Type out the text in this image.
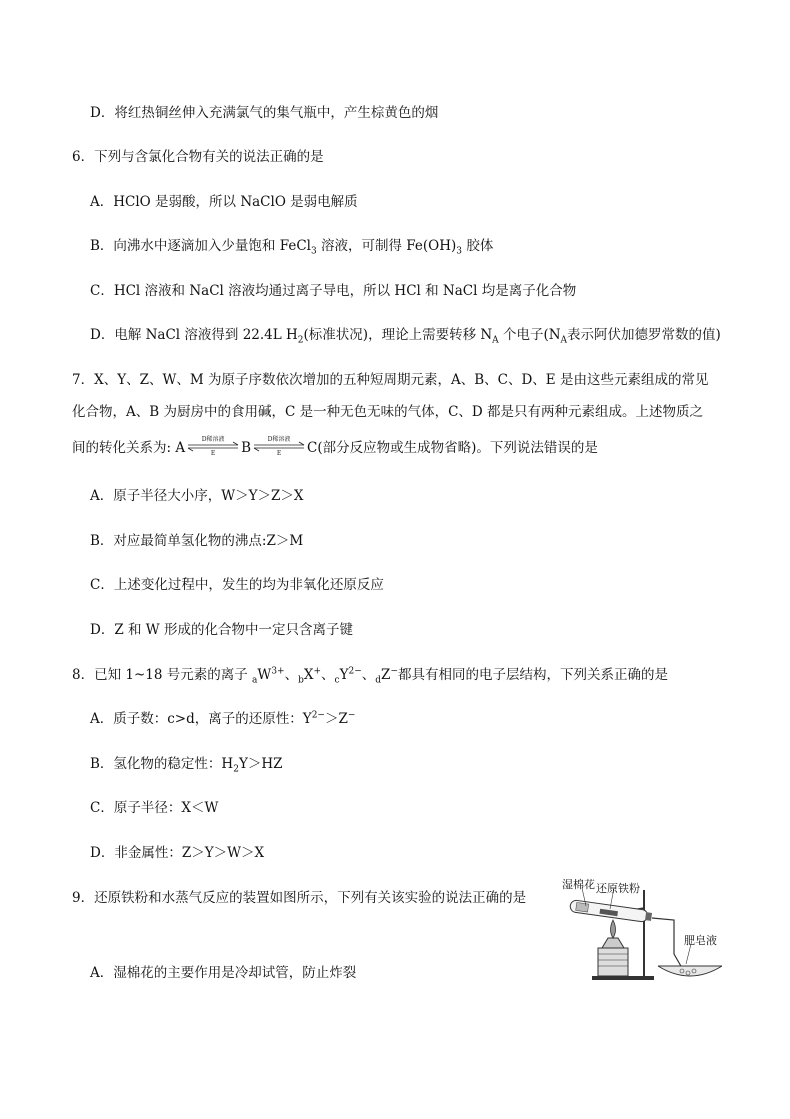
D．将红热铜丝伸入充满氯气的集气瓶中，产生棕黄色的烟
6．下列与含氯化合物有关的说法正确的是
A．HClO 是弱酸，所以 NaClO 是弱电解质
B．向沸水中逐滴加入少量饱和 FeCl$_3$ 溶液，可制得 $Fe(OH)_3$ 胶体
C．HCl 溶液和 NaCl 溶液均通过离子导电，所以 HCl 和 NaCl 均是离子化合物
D．电解 NaCl 溶液得到 22.4L $H_2$(标准状况)，理论上需要转移 $N_A$ 个电子($N_A$表示阿伏加德罗常数的值)
7．X、Y、Z、W、M 为原子序数依次增加的五种短周期元素，A、B、C、D、E 是由这些元素组成的常见
化合物，A、B 为厨房中的食用碱，C 是一种无色无味的气体，C、D 都是只有两种元素组成。上述物质之
间的转化关系为: A
D稀溶液
E	B
D稀溶液
E	C(部分反应物或生成物省略)。下列说法错误的是
A．原子半径大小序，W＞Y＞Z＞X
B．对应最简单氢化物的沸点:Z＞M
C．上述变化过程中，发生的均为非氧化还原反应
D．Z 和 W 形成的化合物中一定只含离子键
8．已知 1~18 号元素的离子 $_aW^{3+}$、$_b$X+、$_cY^{2-}$、$_d$Z−都具有相同的电子层结构，下列关系正确的是
A．质子数：c>d，离子的还原性：$Y^{2-}>Z^-$
B．氢化物的稳定性：$H_2Y>HZ$
C．原子半径：X＜W
D．非金属性：Z＞Y＞W＞X
9．还原铁粉和水蒸气反应的装置如图所示，下列有关该实验的说法正确的是
A．湿棉花的主要作用是冷却试管，防止炸裂
湿棉花 还原铁粉
肥皂液
